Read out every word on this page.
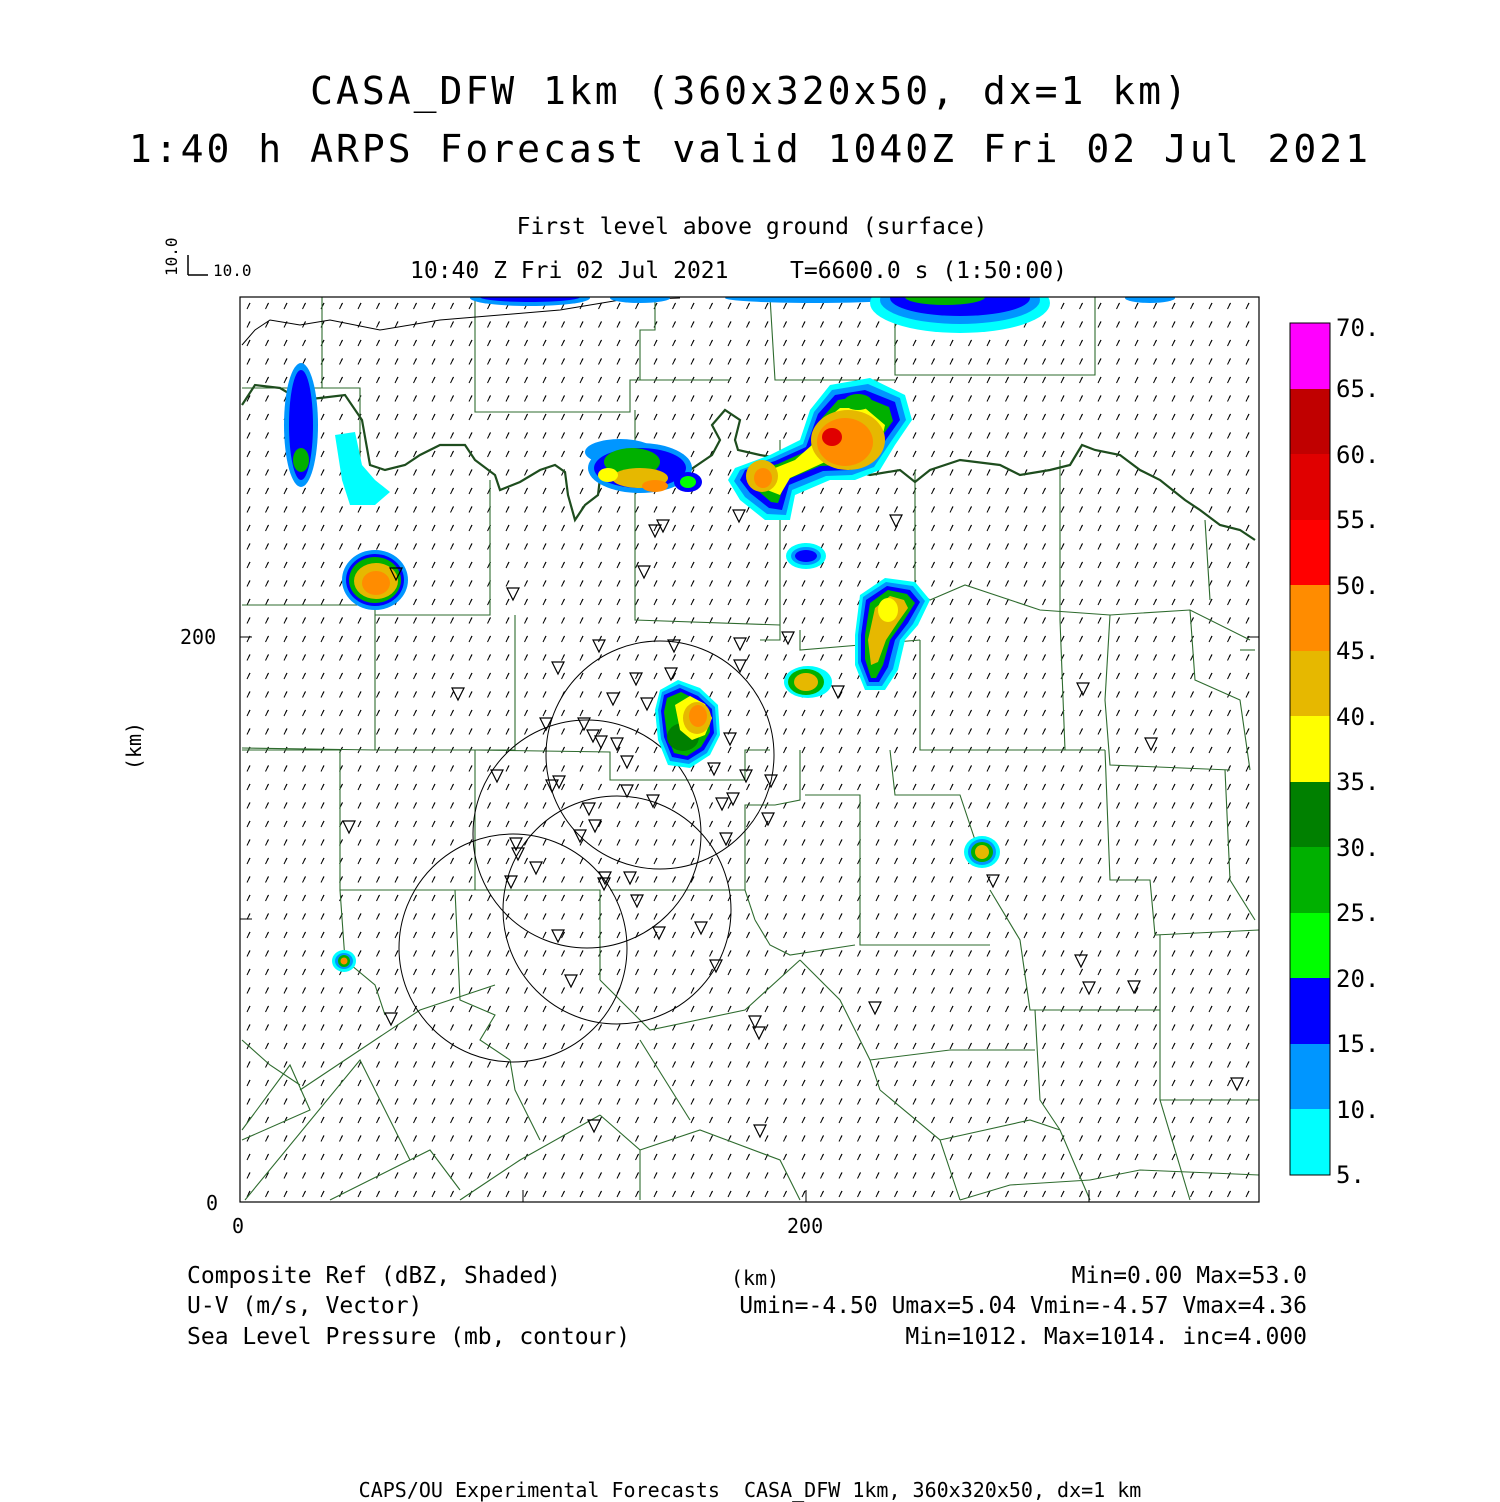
CASA_DFW 1km (360x320x50, dx=1 km)
1:40 h ARPS Forecast valid 1040Z Fri 02 Jul 2021
First level above ground (surface)
10:40 Z Fri 02 Jul 2021	T=6600.0 s (1:50:00)
10.0 10.0
(km)
200
0
0	200
70.
65.
60.
55.
50.
45.
40.
35.
30.
25.
20.
15.
10.
5.
Composite Ref (dBZ, Shaded)	(km)	Min=0.00 Max=53.0
U-V (m/s, Vector)	Umin=-4.50 Umax=5.04 Vmin=-4.57 Vmax=4.36
Sea Level Pressure (mb, contour)	Min=1012. Max=1014. inc=4.000
CAPS/OU Experimental Forecasts  CASA_DFW 1km, 360x320x50, dx=1 km
